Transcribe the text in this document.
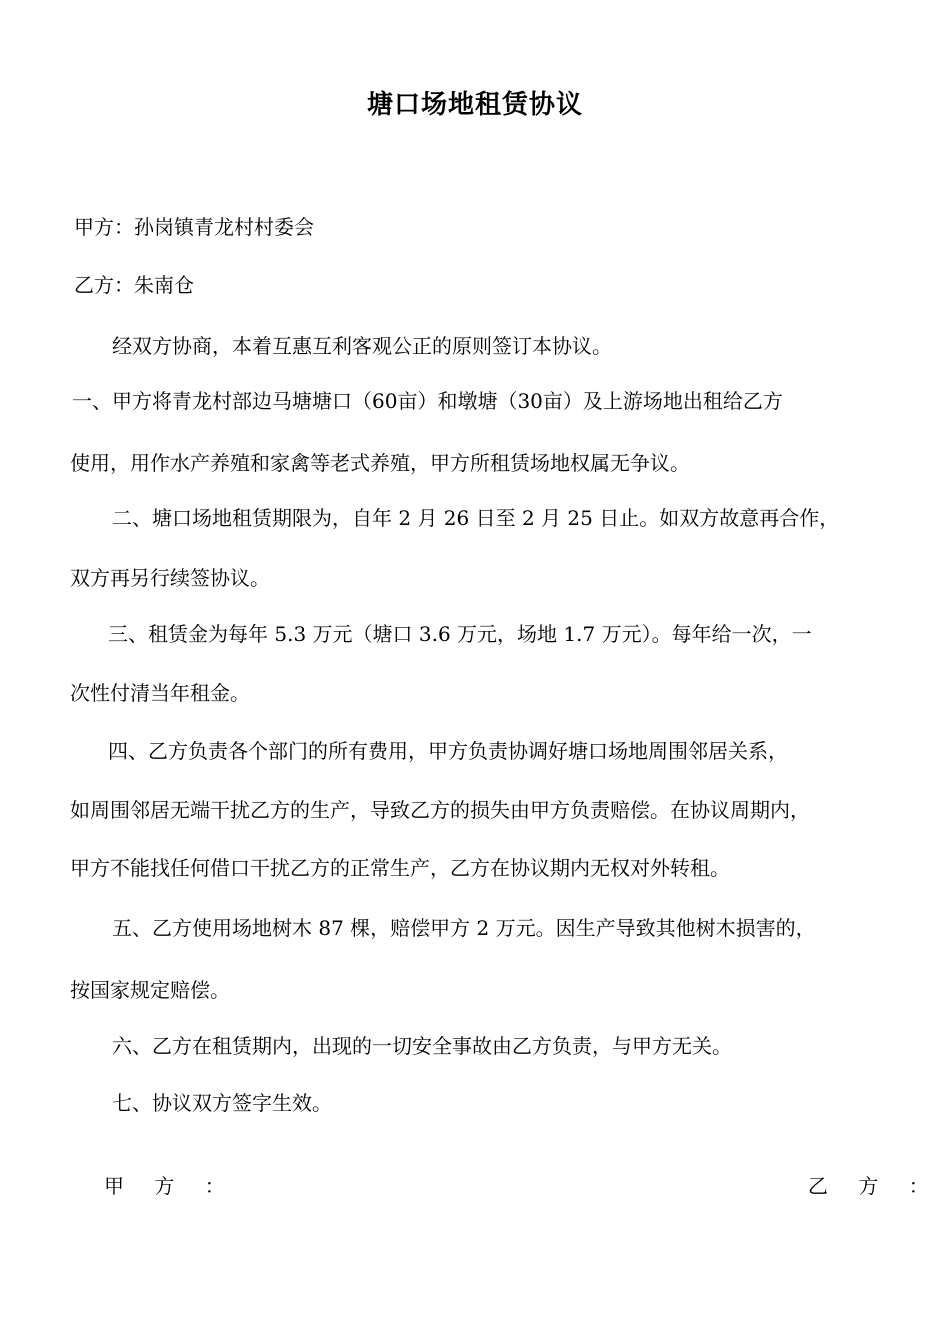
塘口场地租赁协议
甲方：孙岗镇青龙村村委会
乙方：朱南仓
经双方协商，本着互惠互利客观公正的原则签订本协议。
一、甲方将青龙村部边马塘塘口（60亩）和墩塘（30亩）及上游场地出租给乙方
使用，用作水产养殖和家禽等老式养殖，甲方所租赁场地权属无争议。
二、塘口场地租赁期限为，自年 2 月 26 日至 2 月 25 日止。如双方故意再合作，
双方再另行续签协议。
三、租赁金为每年 5.3 万元（塘口 3.6 万元，场地 1.7 万元）。每年给一次，一
次性付清当年租金。
四、乙方负责各个部门的所有费用，甲方负责协调好塘口场地周围邻居关系，
如周围邻居无端干扰乙方的生产，导致乙方的损失由甲方负责赔偿。在协议周期内，
甲方不能找任何借口干扰乙方的正常生产，乙方在协议期内无权对外转租。
五、乙方使用场地树木 87 棵，赔偿甲方 2 万元。因生产导致其他树木损害的，
按国家规定赔偿。
六、乙方在租赁期内，出现的一切安全事故由乙方负责，与甲方无关。
七、协议双方签字生效。
甲 方 ：	乙 方 ：
